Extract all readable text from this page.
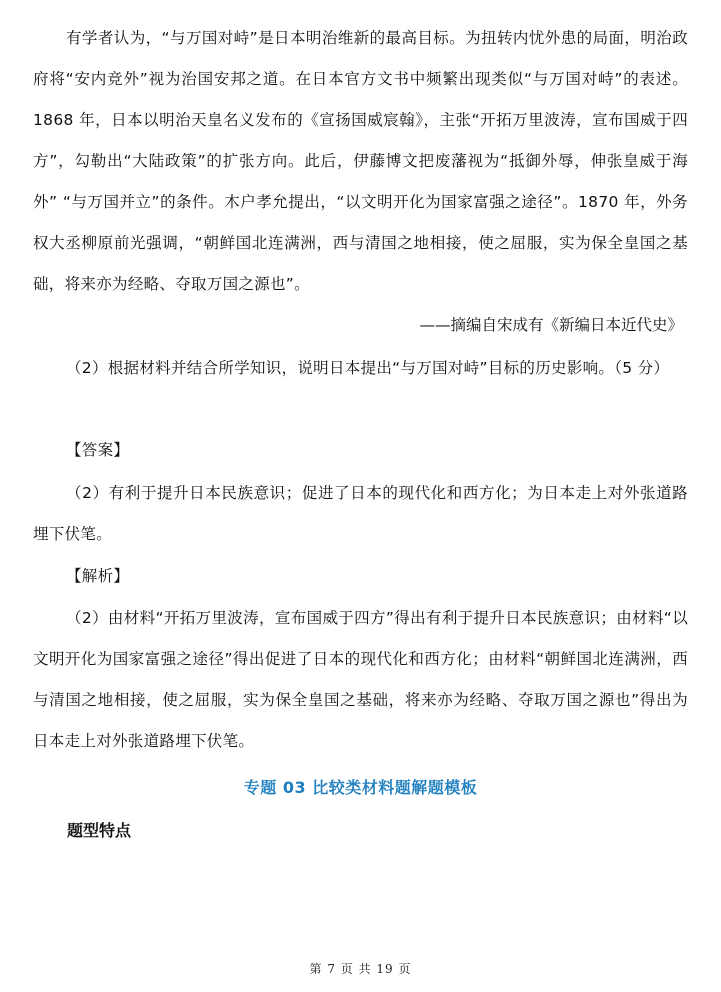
有学者认为，“与万国对峙”是日本明治维新的最高目标。为扭转内忧外患的局面，明治政府将“安内竞外”视为治国安邦之道。在日本官方文书中频繁出现类似“与万国对峙”的表述。1868 年，日本以明治天皇名义发布的《宣扬国威宸翰》，主张“开拓万里波涛，宣布国威于四方”，勾勒出“大陆政策”的扩张方向。此后，伊藤博文把废藩视为“抵御外辱，伸张皇威于海外” “与万国并立”的条件。木户孝允提出，“以文明开化为国家富强之途径”。1870 年，外务权大丞柳原前光强调，“朝鲜国北连满洲，西与清国之地相接，使之屈服，实为保全皇国之基础，将来亦为经略、夺取万国之源也”。

——摘编自宋成有《新编日本近代史》

（2）根据材料并结合所学知识，说明日本提出“与万国对峙”目标的历史影响。（5 分）

【答案】

（2）有利于提升日本民族意识；促进了日本的现代化和西方化；为日本走上对外张道路埋下伏笔。

【解析】

（2）由材料“开拓万里波涛，宣布国威于四方”得出有利于提升日本民族意识；由材料“以文明开化为国家富强之途径”得出促进了日本的现代化和西方化；由材料“朝鲜国北连满洲，西与清国之地相接，使之屈服，实为保全皇国之基础，将来亦为经略、夺取万国之源也”得出为日本走上对外张道路埋下伏笔。

专题 03 比较类材料题解题模板
题型特点
第 7 页 共 19 页
